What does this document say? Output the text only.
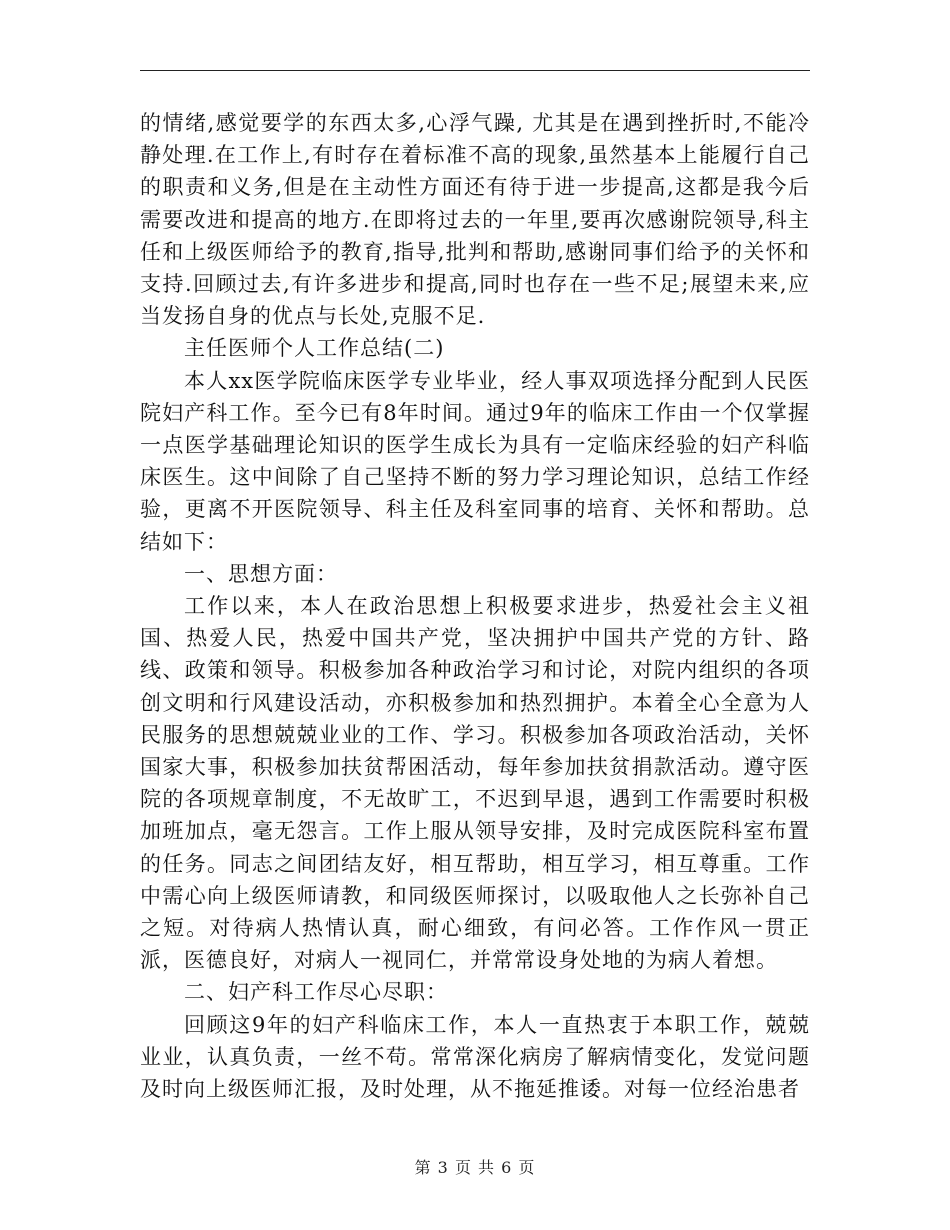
的情绪,感觉要学的东西太多,心浮气躁, 尤其是在遇到挫折时,不能冷静处理.在工作上,有时存在着标准不高的现象,虽然基本上能履行自己的职责和义务,但是在主动性方面还有待于进一步提高,这都是我今后需要改进和提高的地方.在即将过去的一年里,要再次感谢院领导,科主任和上级医师给予的教育,指导,批判和帮助,感谢同事们给予的关怀和支持.回顾过去,有许多进步和提高,同时也存在一些不足;展望未来,应当发扬自身的优点与长处,克服不足.

主任医师个人工作总结(二)

本人xx医学院临床医学专业毕业，经人事双项选择分配到人民医院妇产科工作。至今已有8年时间。通过9年的临床工作由一个仅掌握一点医学基础理论知识的医学生成长为具有一定临床经验的妇产科临床医生。这中间除了自己坚持不断的努力学习理论知识，总结工作经验，更离不开医院领导、科主任及科室同事的培育、关怀和帮助。总结如下：

一、思想方面：

工作以来，本人在政治思想上积极要求进步，热爱社会主义祖国、热爱人民，热爱中国共产党，坚决拥护中国共产党的方针、路线、政策和领导。积极参加各种政治学习和讨论，对院内组织的各项创文明和行风建设活动，亦积极参加和热烈拥护。本着全心全意为人民服务的思想兢兢业业的工作、学习。积极参加各项政治活动，关怀国家大事，积极参加扶贫帮困活动，每年参加扶贫捐款活动。遵守医院的各项规章制度，不无故旷工，不迟到早退，遇到工作需要时积极加班加点，毫无怨言。工作上服从领导安排，及时完成医院科室布置的任务。同志之间团结友好，相互帮助，相互学习，相互尊重。工作中需心向上级医师请教，和同级医师探讨，以吸取他人之长弥补自己之短。对待病人热情认真，耐心细致，有问必答。工作作风一贯正派，医德良好，对病人一视同仁，并常常设身处地的为病人着想。

二、妇产科工作尽心尽职：

回顾这9年的妇产科临床工作，本人一直热衷于本职工作，兢兢业业，认真负责，一丝不苟。常常深化病房了解病情变化，发觉问题及时向上级医师汇报，及时处理，从不拖延推诿。对每一位经治患者

第 3 页 共 6 页
